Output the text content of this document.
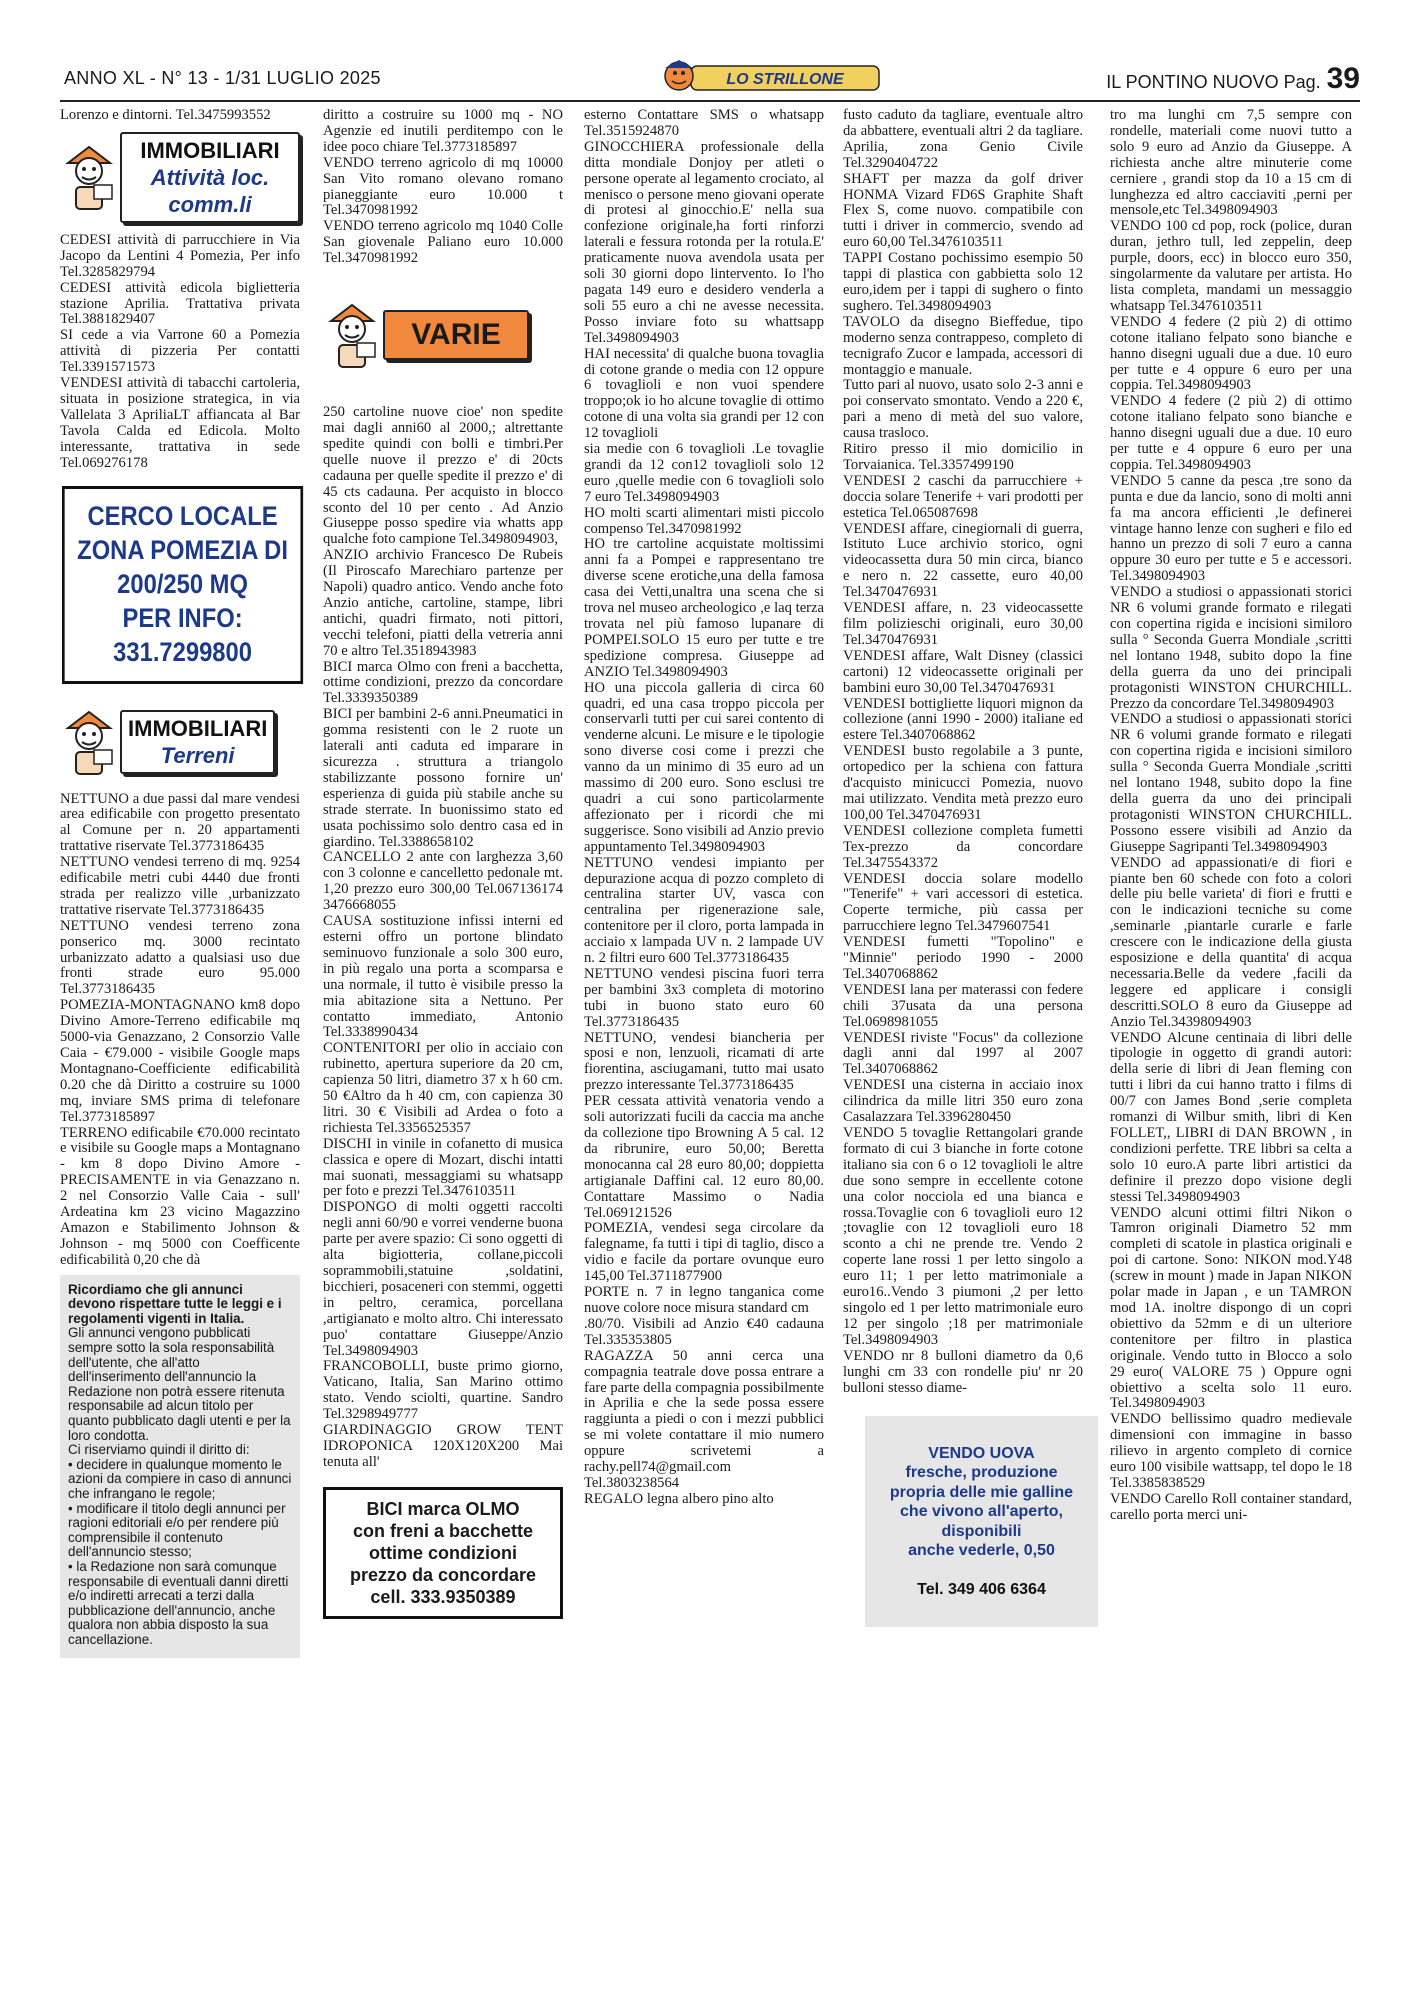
ANNO XL - N° 13 - 1/31 LUGLIO 2025	LO STRILLONE	IL PONTINO NUOVO Pag. 39

Lorenzo e dintorni. Tel.3475993552

IMMOBILIARI
Attività loc. comm.li

CEDESI attività di parrucchiere in Via Jacopo da Lentini 4 Pomezia, Per info Tel.3285829794
CEDESI attività edicola biglietteria stazione Aprilia. Trattativa privata Tel.3881829407
SI cede a via Varrone 60 a Pomezia attività di pizzeria Per contatti Tel.3391571573
VENDESI attività di tabacchi cartoleria, situata in posizione strategica, in via Vallelata 3 ApriliaLT affiancata al Bar Tavola Calda ed Edicola. Molto interessante, trattativa in sede Tel.069276178

CERCO LOCALE ZONA POMEZIA DI 200/250 MQ
PER INFO: 331.7299800
IMMOBILIARI
Terreni

NETTUNO a due passi dal mare vendesi area edificabile con progetto presentato al Comune per n. 20 appartamenti trattative riservate Tel.3773186435
NETTUNO vendesi terreno di mq. 9254 edificabile metri cubi 4440 due fronti strada per realizzo ville ,urbanizzato trattative riservate Tel.3773186435
NETTUNO vendesi terreno zona ponserico mq. 3000 recintato urbanizzato adatto a qualsiasi uso due fronti strade euro 95.000 Tel.3773186435
POMEZIA-MONTAGNANO km8 dopo Divino Amore-Terreno edificabile mq 5000-via Genazzano, 2 Consorzio Valle Caia - €79.000 - visibile Google maps Montagnano-Coefficiente edificabilità 0.20 che dà Diritto a costruire su 1000 mq, inviare SMS prima di telefonare Tel.3773185897
TERRENO edificabile €70.000 recintato e visibile su Google maps a Montagnano - km 8 dopo Divino Amore - PRECISAMENTE in via Genazzano n. 2 nel Consorzio Valle Caia - sull' Ardeatina km 23 vicino Magazzino Amazon e Stabilimento Johnson & Johnson - mq 5000 con Coefficente edificabilità 0,20 che dà

Ricordiamo che gli annunci devono rispettare tutte le leggi e i regolamenti vigenti in Italia.

Gli annunci vengono pubblicati sempre sotto la sola responsabilità dell'utente, che all'atto dell'inserimento dell'annuncio la Redazione non potrà essere ritenuta responsabile ad alcun titolo per quanto pubblicato dagli utenti e per la loro condotta.
Ci riserviamo quindi il diritto di:
• decidere in qualunque momento le azioni da compiere in caso di annunci che infrangano le regole;
• modificare il titolo degli annunci per ragioni editoriali e/o per rendere più comprensibile il contenuto dell'annuncio stesso;
• la Redazione non sarà comunque responsabile di eventuali danni diretti e/o indiretti arrecati a terzi dalla pubblicazione dell'annuncio, anche qualora non abbia disposto la sua cancellazione.

diritto a costruire su 1000 mq - NO Agenzie ed inutili perditempo con le idee poco chiare Tel.3773185897
VENDO terreno agricolo di mq 10000 San Vito romano olevano romano pianeggiante euro 10.000 t Tel.3470981992
VENDO terreno agricolo mq 1040 Colle San giovenale Paliano euro 10.000 Tel.3470981992

VARIE

250 cartoline nuove cioe' non spedite mai dagli anni60 al 2000,; altrettante spedite quindi con bolli e timbri.Per quelle nuove il prezzo e' di 20cts cadauna per quelle spedite il prezzo e' di 45 cts cadauna. Per acquisto in blocco sconto del 10 per cento . Ad Anzio Giuseppe posso spedire via whatts app qualche foto campione Tel.3498094903,
ANZIO archivio Francesco De Rubeis (Il Piroscafo Marechiaro partenze per Napoli) quadro antico. Vendo anche foto Anzio antiche, cartoline, stampe, libri antichi, quadri firmato, noti pittori, vecchi telefoni, piatti della vetreria anni 70 e altro Tel.3518943983
BICI marca Olmo con freni a bacchetta, ottime condizioni, prezzo da concordare Tel.3339350389
BICI per bambini 2-6 anni.Pneumatici in gomma resistenti con le 2 ruote un laterali anti caduta ed imparare in sicurezza . struttura a triangolo stabilizzante possono fornire un' esperienza di guida più stabile anche su strade sterrate. In buonissimo stato ed usata pochissimo solo dentro casa ed in giardino. Tel.3388658102
CANCELLO 2 ante con larghezza 3,60 con 3 colonne e cancelletto pedonale mt. 1,20 prezzo euro 300,00 Tel.067136174 3476668055
CAUSA sostituzione infissi interni ed esterni offro un portone blindato seminuovo funzionale a solo 300 euro, in più regalo una porta a scomparsa e una normale, il tutto è visibile presso la mia abitazione sita a Nettuno. Per contatto immediato, Antonio Tel.3338990434
CONTENITORI per olio in acciaio con rubinetto, apertura superiore da 20 cm, capienza 50 litri, diametro 37 x h 60 cm. 50 €Altro da h 40 cm, con capienza 30 litri. 30 € Visibili ad Ardea o foto a richiesta Tel.3356525357
DISCHI in vinile in cofanetto di musica classica e opere di Mozart, dischi intatti mai suonati, messaggiami su whatsapp per foto e prezzi Tel.3476103511
DISPONGO di molti oggetti raccolti negli anni 60/90 e vorrei venderne buona parte per avere spazio: Ci sono oggetti di alta bigiotteria, collane,piccoli soprammobili,statuine ,soldatini, bicchieri, posaceneri con stemmi, oggetti in peltro, ceramica, porcellana ,artigianato e molto altro. Chi interessato puo' contattare Giuseppe/Anzio Tel.3498094903
FRANCOBOLLI, buste primo giorno, Vaticano, Italia, San Marino ottimo stato. Vendo sciolti, quartine. Sandro Tel.3298949777
GIARDINAGGIO GROW TENT IDROPONICA 120X120X200 Mai tenuta all'

BICI marca OLMO
con freni a bacchette
ottime condizioni
prezzo da concordare
cell. 333.9350389

esterno Contattare SMS o whatsapp Tel.3515924870
GINOCCHIERA professionale della ditta mondiale Donjoy per atleti o persone operate al legamento crociato, al menisco o persone meno giovani operate di protesi al ginocchio.E' nella sua confezione originale,ha forti rinforzi laterali e fessura rotonda per la rotula.E' praticamente nuova avendola usata per soli 30 giorni dopo lintervento. Io l'ho pagata 149 euro e desidero venderla a soli 55 euro a chi ne avesse necessita. Posso inviare foto su whattsapp Tel.3498094903
HAI necessita' di qualche buona tovaglia di cotone grande o media con 12 oppure 6 tovaglioli e non vuoi spendere troppo;ok io ho alcune tovaglie di ottimo cotone di una volta sia grandi per 12 con 12 tovaglioli
sia medie con 6 tovaglioli .Le tovaglie grandi da 12 con12 tovaglioli solo 12 euro ,quelle medie con 6 tovaglioli solo 7 euro Tel.3498094903
HO molti scarti alimentari misti piccolo compenso Tel.3470981992
HO tre cartoline acquistate moltissimi anni fa a Pompei e rappresentano tre diverse scene erotiche,una della famosa casa dei Vetti,unaltra una scena che si trova nel museo archeologico ,e laq terza trovata nel più famoso lupanare di POMPEI.SOLO 15 euro per tutte e tre spedizione compresa. Giuseppe ad ANZIO Tel.3498094903
HO una piccola galleria di circa 60 quadri, ed una casa troppo piccola per conservarli tutti per cui sarei contento di venderne alcuni. Le misure e le tipologie sono diverse cosi come i prezzi che vanno da un minimo di 35 euro ad un massimo di 200 euro. Sono esclusi tre quadri a cui sono particolarmente affezionato per i ricordi che mi suggerisce. Sono visibili ad Anzio previo appuntamento Tel.3498094903
NETTUNO vendesi impianto per depurazione acqua di pozzo completo di centralina starter UV, vasca con centralina per rigenerazione sale, contenitore per il cloro, porta lampada in acciaio x lampada UV n. 2 lampade UV n. 2 filtri euro 600 Tel.3773186435
NETTUNO vendesi piscina fuori terra per bambini 3x3 completa di motorino tubi in buono stato euro 60 Tel.3773186435
NETTUNO, vendesi biancheria per sposi e non, lenzuoli, ricamati di arte fiorentina, asciugamani, tutto mai usato prezzo interessante Tel.3773186435
PER cessata attività venatoria vendo a soli autorizzati fucili da caccia ma anche da collezione tipo Browning A 5 cal. 12 da ribrunire, euro 50,00; Beretta monocanna cal 28 euro 80,00; doppietta artigianale Daffini cal. 12 euro 80,00. Contattare Massimo o Nadia Tel.069121526
POMEZIA, vendesi sega circolare da falegname, fa tutti i tipi di taglio, disco a vidio e facile da portare ovunque euro 145,00 Tel.3711877900
PORTE n. 7 in legno tanganica come nuove colore noce misura standard cm
.80/70. Visibili ad Anzio €40 cadauna Tel.335353805
RAGAZZA 50 anni cerca una compagnia teatrale dove possa entrare a fare parte della compagnia possibilmente in Aprilia e che la sede possa essere raggiunta a piedi o con i mezzi pubblici se mi volete contattare il mio numero oppure scrivetemi a rachy.pell74@gmail.com Tel.3803238564
REGALO legna albero pino alto

fusto caduto da tagliare, eventuale altro da abbattere, eventuali altri 2 da tagliare. Aprilia, zona Genio Civile Tel.3290404722
SHAFT per mazza da golf driver HONMA Vizard FD6S Graphite Shaft Flex S, come nuovo. compatibile con tutti i driver in commercio, svendo ad euro 60,00 Tel.3476103511
TAPPI Costano pochissimo esempio 50 tappi di plastica con gabbietta solo 12 euro,idem per i tappi di sughero o finto sughero. Tel.3498094903
TAVOLO da disegno Bieffedue, tipo moderno senza contrappeso, completo di tecnigrafo Zucor e lampada, accessori di montaggio e manuale.
Tutto pari al nuovo, usato solo 2-3 anni e poi conservato smontato. Vendo a 220 €, pari a meno di metà del suo valore, causa trasloco.
Ritiro presso il mio domicilio in Torvaianica. Tel.3357499190
VENDESI 2 caschi da parrucchiere + doccia solare Tenerife + vari prodotti per estetica Tel.065087698
VENDESI affare, cinegiornali di guerra, Istituto Luce archivio storico, ogni videocassetta dura 50 min circa, bianco e nero n. 22 cassette, euro 40,00 Tel.3470476931
VENDESI affare, n. 23 videocassette film polizieschi originali, euro 30,00 Tel.3470476931
VENDESI affare, Walt Disney (classici cartoni) 12 videocassette originali per bambini euro 30,00 Tel.3470476931
VENDESI bottigliette liquori mignon da collezione (anni 1990 - 2000) italiane ed estere Tel.3407068862
VENDESI busto regolabile a 3 punte, ortopedico per la schiena con fattura d'acquisto minicucci Pomezia, nuovo mai utilizzato. Vendita metà prezzo euro 100,00 Tel.3470476931
VENDESI collezione completa fumetti Tex-prezzo da concordare Tel.3475543372
VENDESI doccia solare modello "Tenerife" + vari accessori di estetica. Coperte termiche, più cassa per parrucchiere legno Tel.3479607541
VENDESI fumetti "Topolino" e "Minnie" periodo 1990 - 2000 Tel.3407068862
VENDESI lana per materassi con federe chili 37usata da una persona Tel.0698981055
VENDESI riviste "Focus" da collezione dagli anni dal 1997 al 2007 Tel.3407068862
VENDESI una cisterna in acciaio inox cilindrica da mille litri 350 euro zona Casalazzara Tel.3396280450
VENDO 5 tovaglie Rettangolari grande formato di cui 3 bianche in forte cotone italiano sia con 6 o 12 tovaglioli le altre due sono sempre in eccellente cotone una color nocciola ed una bianca e rossa.Tovaglie con 6 tovaglioli euro 12 ;tovaglie con 12 tovaglioli euro 18 sconto a chi ne prende tre. Vendo 2 coperte lane rossi 1 per letto singolo a euro 11; 1 per letto matrimoniale a euro16..Vendo 3 piumoni ,2 per letto singolo ed 1 per letto matrimoniale euro 12 per singolo ;18 per matrimoniale Tel.3498094903
VENDO nr 8 bulloni diametro da 0,6 lunghi cm 33 con rondelle piu' nr 20 bulloni stesso diame-

VENDO UOVA
fresche, produzione
propria delle mie galline
che vivono all'aperto,
disponibili
anche vederle, 0,50

Tel. 349 406 6364

tro ma lunghi cm 7,5 sempre con rondelle, materiali come nuovi tutto a solo 9 euro ad Anzio da Giuseppe. A richiesta anche altre minuterie come cerniere , grandi stop da 10 a 15 cm di lunghezza ed altro cacciaviti ,perni per mensole,etc Tel.3498094903
VENDO 100 cd pop, rock (police, duran duran, jethro tull, led zeppelin, deep purple, doors, ecc) in blocco euro 350, singolarmente da valutare per artista. Ho lista completa, mandami un messaggio whatsapp Tel.3476103511
VENDO 4 federe (2 più 2) di ottimo cotone italiano felpato sono bianche e hanno disegni uguali due a due. 10 euro per tutte e 4 oppure 6 euro per una coppia. Tel.3498094903
VENDO 4 federe (2 più 2) di ottimo cotone italiano felpato sono bianche e hanno disegni uguali due a due. 10 euro per tutte e 4 oppure 6 euro per una coppia. Tel.3498094903
VENDO 5 canne da pesca ,tre sono da punta e due da lancio, sono di molti anni fa ma ancora efficienti ,le definerei vintage hanno lenze con sugheri e filo ed hanno un prezzo di soli 7 euro a canna oppure 30 euro per tutte e 5 e accessori. Tel.3498094903
VENDO a studiosi o appassionati storici NR 6 volumi grande formato e rilegati con copertina rigida e incisioni similoro sulla ° Seconda Guerra Mondiale ,scritti nel lontano 1948, subito dopo la fine della guerra da uno dei principali protagonisti WINSTON CHURCHILL. Prezzo da concordare Tel.3498094903
VENDO a studiosi o appassionati storici NR 6 volumi grande formato e rilegati con copertina rigida e incisioni similoro sulla ° Seconda Guerra Mondiale ,scritti nel lontano 1948, subito dopo la fine della guerra da uno dei principali protagonisti WINSTON CHURCHILL. Possono essere visibili ad Anzio da Giuseppe Sagripanti Tel.3498094903
VENDO ad appassionati/e di fiori e piante ben 60 schede con foto a colori delle piu belle varieta' di fiori e frutti e con le indicazioni tecniche su come ,seminarle ,piantarle curarle e farle crescere con le indicazione della giusta esposizione e della quantita' di acqua necessaria.Belle da vedere ,facili da leggere ed applicare i consigli descritti.SOLO 8 euro da Giuseppe ad Anzio Tel.34398094903
VENDO Alcune centinaia di libri delle tipologie in oggetto di grandi autori: della serie di libri di Jean fleming con tutti i libri da cui hanno tratto i films di 00/7 con James Bond ,serie completa romanzi di Wilbur smith, libri di Ken FOLLET,, LIBRI di DAN BROWN , in condizioni perfette. TRE libbri sa celta a solo 10 euro.A parte libri artistici da definire il prezzo dopo visione degli stessi Tel.3498094903
VENDO alcuni ottimi filtri Nikon o Tamron originali Diametro 52 mm completi di scatole in plastica originali e poi di cartone. Sono: NIKON mod.Y48 (screw in mount ) made in Japan NIKON polar made in Japan , e un TAMRON mod 1A. inoltre dispongo di un copri obiettivo da 52mm e di un ulteriore contenitore per filtro in plastica originale. Vendo tutto in Blocco a solo 29 euro( VALORE 75 ) Oppure ogni obiettivo a scelta solo 11 euro. Tel.3498094903
VENDO bellissimo quadro medievale dimensioni con immagine in basso rilievo in argento completo di cornice euro 100 visibile wattsapp, tel dopo le 18 Tel.3385838529
VENDO Carello Roll container standard, carello porta merci uni-
